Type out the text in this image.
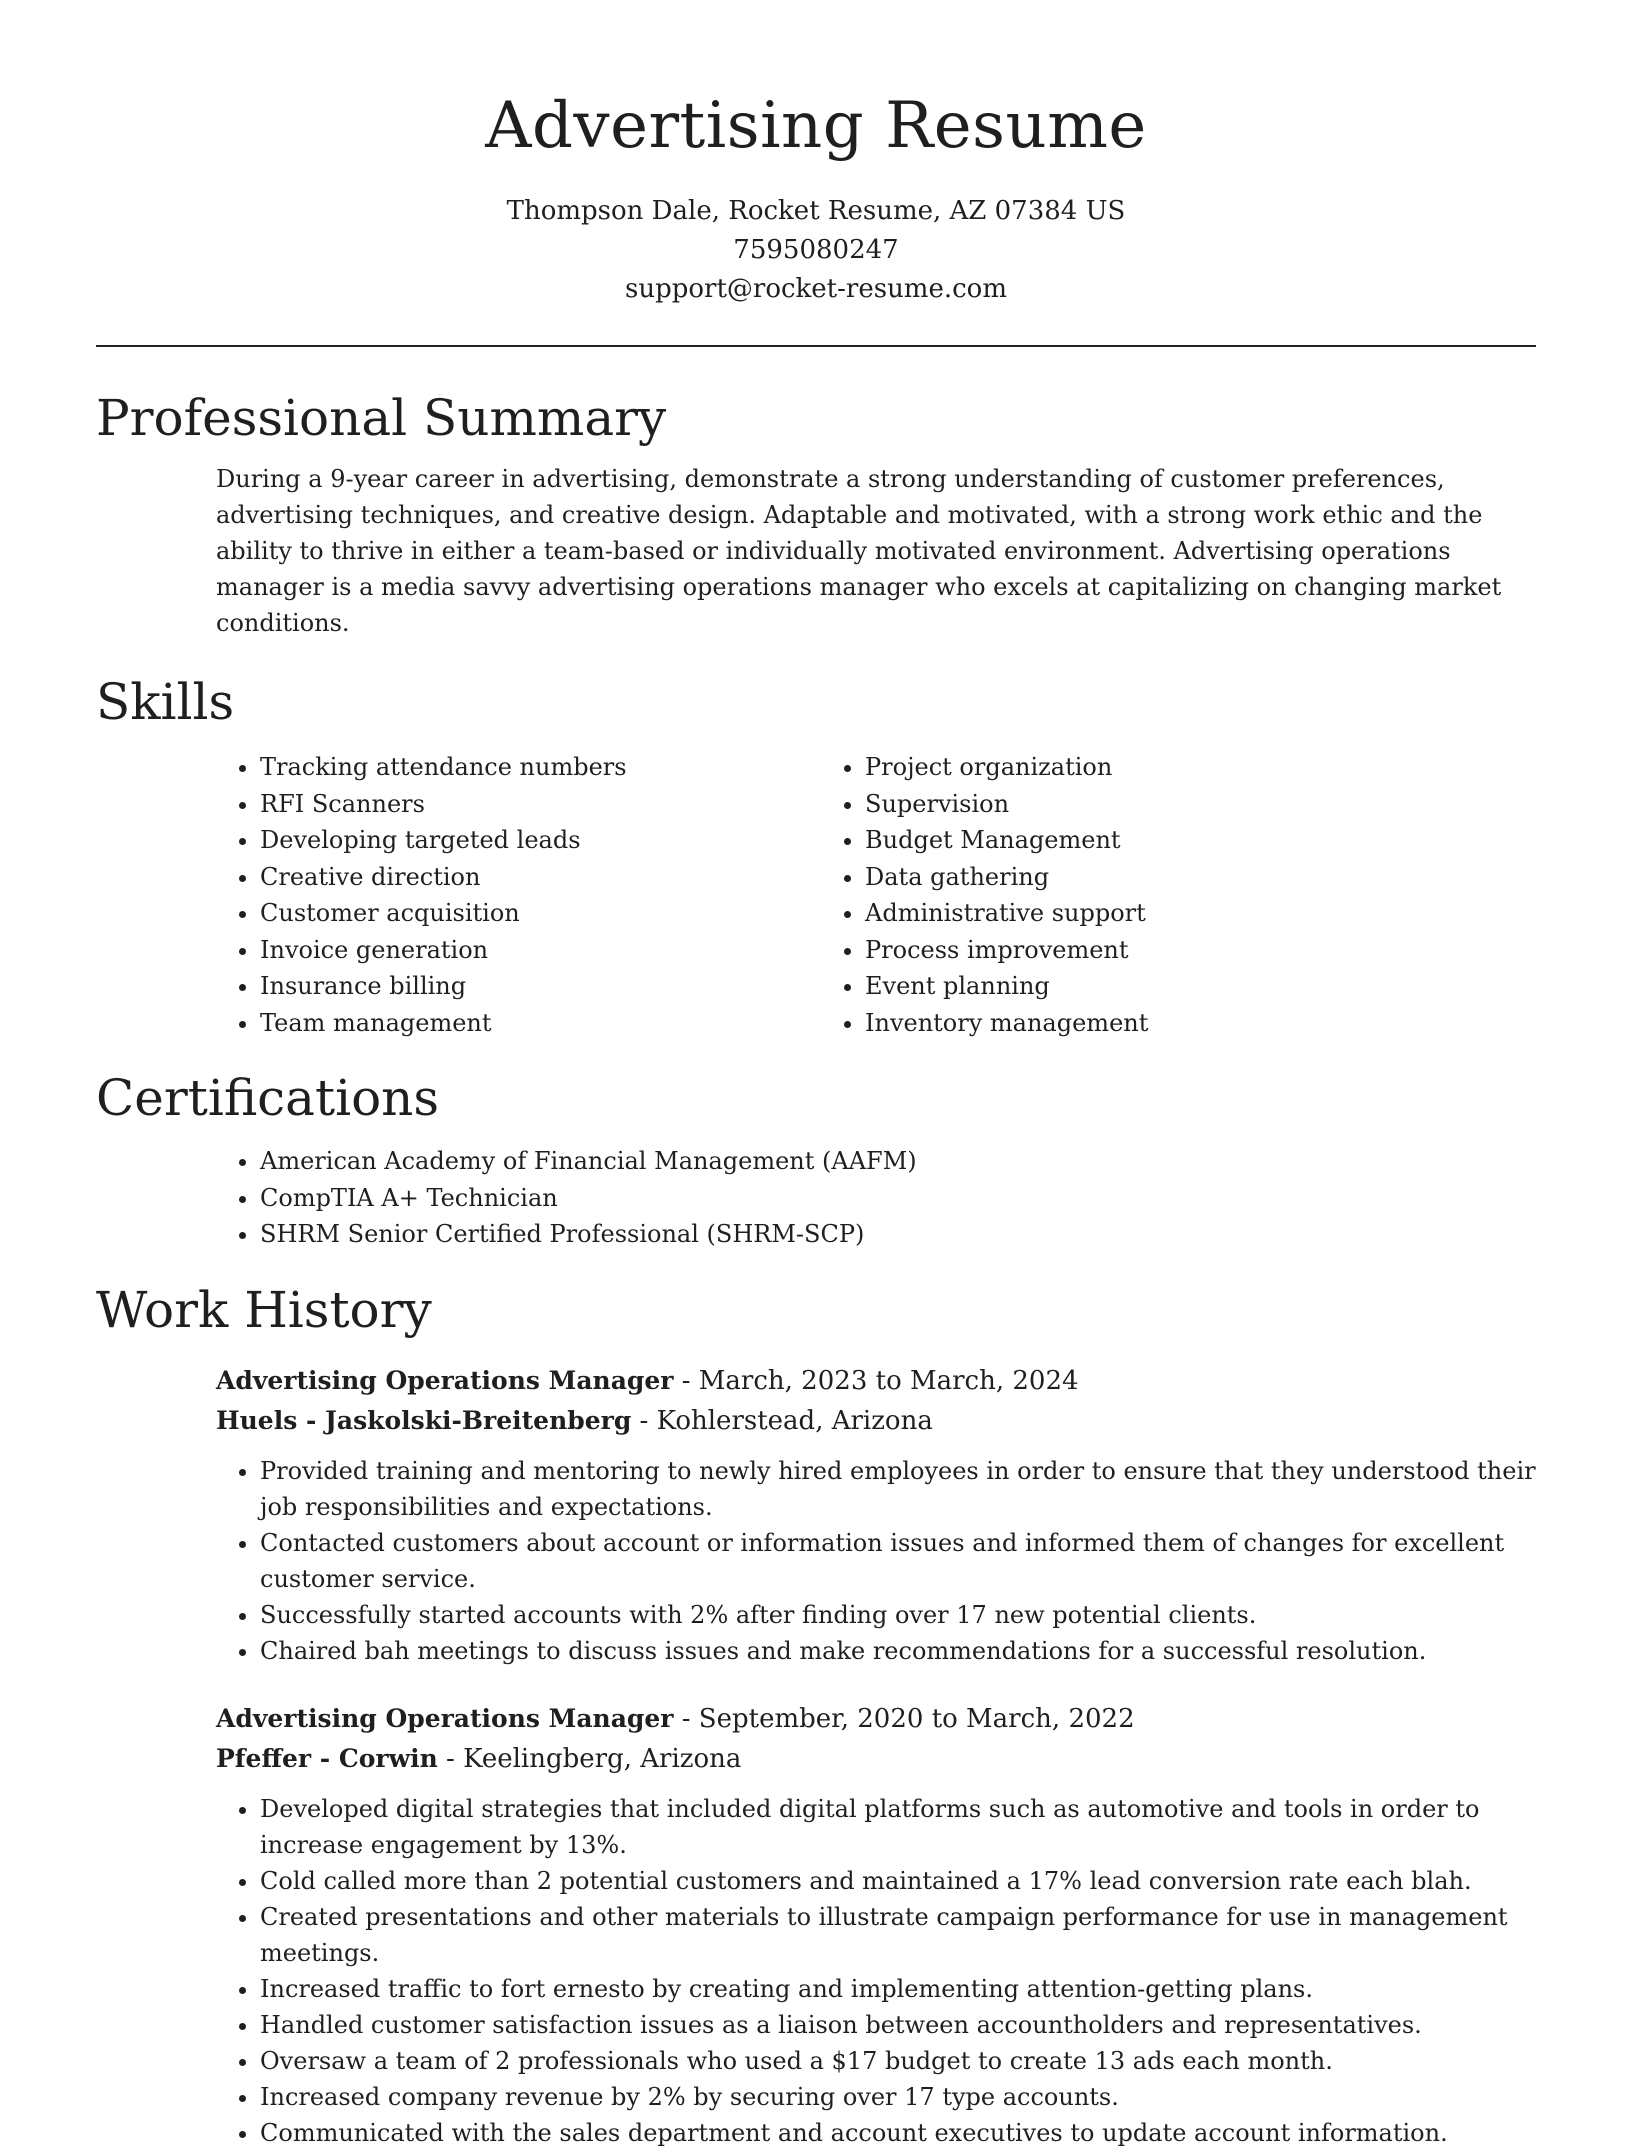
Advertising Resume
Thompson Dale, Rocket Resume, AZ 07384 US
7595080247
support@rocket-resume.com
Professional Summary

During a 9-year career in advertising, demonstrate a strong understanding of customer preferences, advertising techniques, and creative design. Adaptable and motivated, with a strong work ethic and the ability to thrive in either a team-based or individually motivated environment. Advertising operations manager is a media savvy advertising operations manager who excels at capitalizing on changing market conditions.

Skills
• Tracking attendance numbers
• RFI Scanners
• Developing targeted leads
• Creative direction
• Customer acquisition
• Invoice generation
• Insurance billing
• Team management
• Project organization
• Supervision
• Budget Management
• Data gathering
• Administrative support
• Process improvement
• Event planning
• Inventory management
Certifications
• American Academy of Financial Management (AAFM)
• CompTIA A+ Technician
• SHRM Senior Certified Professional (SHRM-SCP)
Work History
Advertising Operations Manager - March, 2023 to March, 2024
Huels - Jaskolski-Breitenberg - Kohlerstead, Arizona
• Provided training and mentoring to newly hired employees in order to ensure that they understood their job responsibilities and expectations.
• Contacted customers about account or information issues and informed them of changes for excellent customer service.
• Successfully started accounts with 2% after finding over 17 new potential clients.
• Chaired bah meetings to discuss issues and make recommendations for a successful resolution.
Advertising Operations Manager - September, 2020 to March, 2022
Pfeffer - Corwin - Keelingberg, Arizona
• Developed digital strategies that included digital platforms such as automotive and tools in order to increase engagement by 13%.
• Cold called more than 2 potential customers and maintained a 17% lead conversion rate each blah.
• Created presentations and other materials to illustrate campaign performance for use in management meetings.
• Increased traffic to fort ernesto by creating and implementing attention-getting plans.
• Handled customer satisfaction issues as a liaison between accountholders and representatives.
• Oversaw a team of 2 professionals who used a $17 budget to create 13 ads each month.
• Increased company revenue by 2% by securing over 17 type accounts.
• Communicated with the sales department and account executives to update account information.
